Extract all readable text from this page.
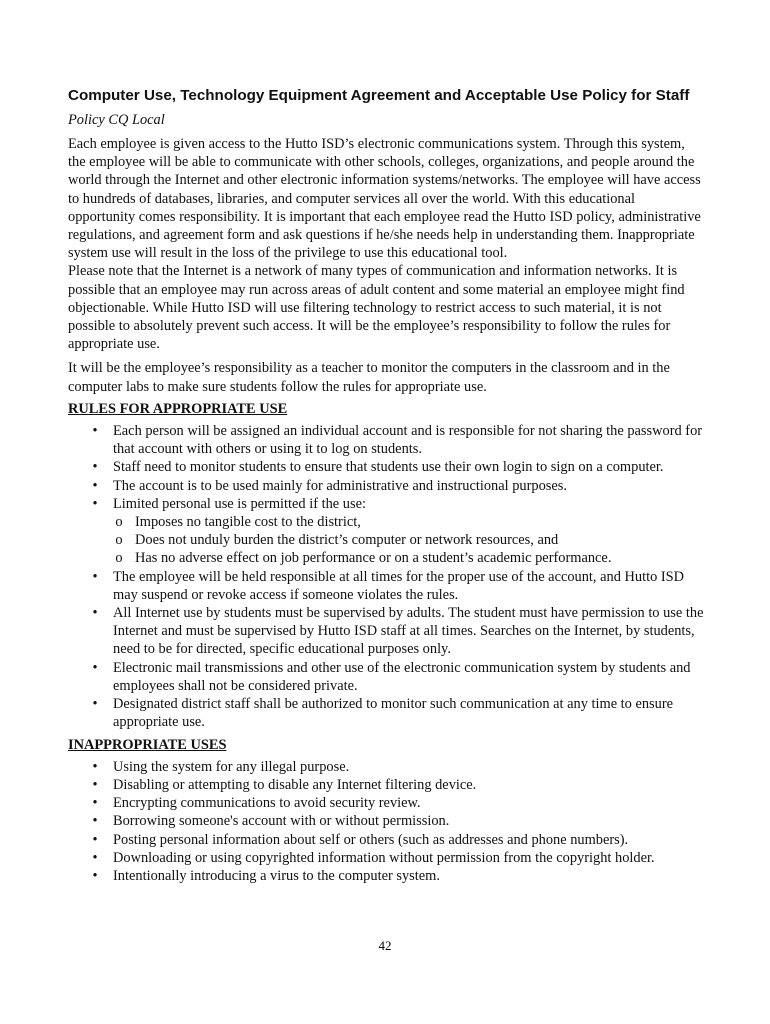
Computer Use, Technology Equipment Agreement and Acceptable Use Policy for Staff
Policy CQ Local

Each employee is given access to the Hutto ISD’s electronic communications system. Through this system, the employee will be able to communicate with other schools, colleges, organizations, and people around the world through the Internet and other electronic information systems/networks. The employee will have access to hundreds of databases, libraries, and computer services all over the world. With this educational opportunity comes responsibility. It is important that each employee read the Hutto ISD policy, administrative regulations, and agreement form and ask questions if he/she needs help in understanding them. Inappropriate system use will result in the loss of the privilege to use this educational tool.

Please note that the Internet is a network of many types of communication and information networks. It is possible that an employee may run across areas of adult content and some material an employee might find objectionable. While Hutto ISD will use filtering technology to restrict access to such material, it is not possible to absolutely prevent such access. It will be the employee’s responsibility to follow the rules for appropriate use.

It will be the employee’s responsibility as a teacher to monitor the computers in the classroom and in the computer labs to make sure students follow the rules for appropriate use.

RULES FOR APPROPRIATE USE
• Each person will be assigned an individual account and is responsible for not sharing the password for that account with others or using it to log on students.
• Staff need to monitor students to ensure that students use their own login to sign on a computer.
• The account is to be used mainly for administrative and instructional purposes.
• Limited personal use is permitted if the use:
o Imposes no tangible cost to the district,
o Does not unduly burden the district’s computer or network resources, and
o Has no adverse effect on job performance or on a student’s academic performance.
• The employee will be held responsible at all times for the proper use of the account, and Hutto ISD may suspend or revoke access if someone violates the rules.
• All Internet use by students must be supervised by adults. The student must have permission to use the Internet and must be supervised by Hutto ISD staff at all times. Searches on the Internet, by students, need to be for directed, specific educational purposes only.
• Electronic mail transmissions and other use of the electronic communication system by students and employees shall not be considered private.
• Designated district staff shall be authorized to monitor such communication at any time to ensure appropriate use.
INAPPROPRIATE USES
• Using the system for any illegal purpose.
• Disabling or attempting to disable any Internet filtering device.
• Encrypting communications to avoid security review.
• Borrowing someone's account with or without permission.
• Posting personal information about self or others (such as addresses and phone numbers).
• Downloading or using copyrighted information without permission from the copyright holder.
• Intentionally introducing a virus to the computer system.
42
